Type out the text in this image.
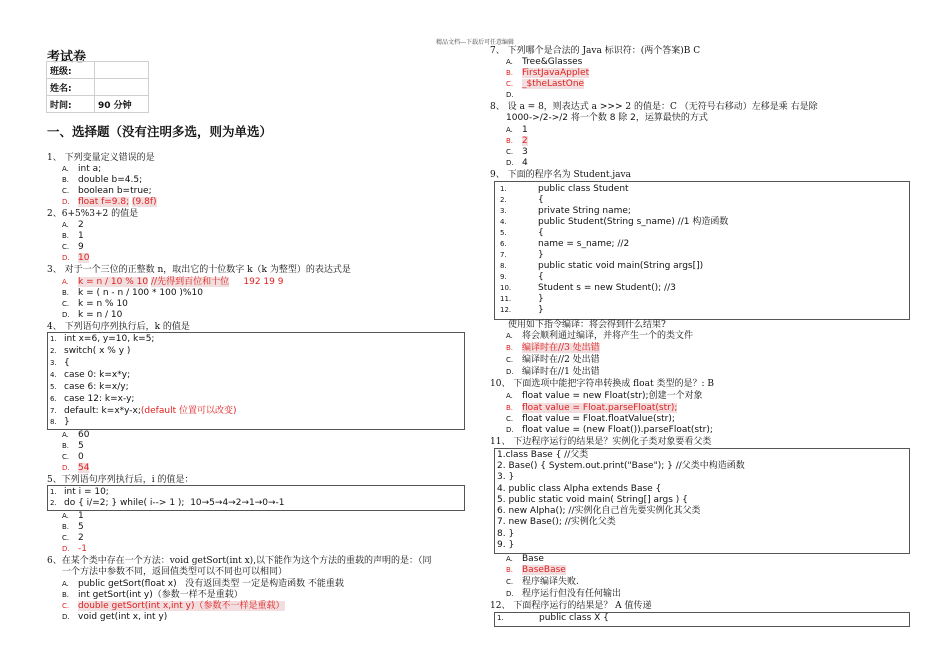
精品文档---下载后可任意编辑
考试卷
班级:	
姓名:	
时间:	90 分钟
一、选择题（没有注明多选，则为单选）
1、 下列变量定义错误的是
A. int a;
B. double b=4.5;
C. boolean b=true;
D. float f=9.8; (9.8f)
2、6+5%3+2 的值是
A. 2
B. 1
C. 9
D. 10
3、 对于一个三位的正整数 n，取出它的十位数字 k（k 为整型）的表达式是
A. k = n / 10 % 10 //先得到百位和十位 192 19 9
B. k = ( n - n / 100 * 100 )%10
C. k = n % 10
D. k = n / 10
4、 下列语句序列执行后，k 的值是
1. int x=6, y=10, k=5;
2. switch( x % y )
3. {
4. case 0: k=x*y;
5. case 6: k=x/y;
6. case 12: k=x-y;
7. default: k=x*y-x;(default 位置可以改变)
8. }
A. 60
B. 5
C. 0
D. 54
5、下列语句序列执行后，i 的值是：
1. int i = 10;
2. do { i/=2; } while( i--> 1 ); 10→5→4→2→1→0→-1
A. 1
B. 5
C. 2
D. -1
6、在某个类中存在一个方法：void getSort(int x),以下能作为这个方法的重载的声明的是：（同
一个方法中参数不同，返回值类型可以不同也可以相同）
A. public getSort(float x) 没有返回类型 一定是构造函数 不能重载
B. int getSort(int y)（参数一样不是重载）
C. double getSort(int x,int y)（参数不一样是重载）
D. void get(int x, int y)
7、 下列哪个是合法的 Java 标识符：(两个答案)B C
A. Tree&Glasses
B. FirstJavaApplet
C. _$theLastOne
D.
8、 设 a = 8，则表达式 a >>> 2 的值是：C （无符号右移动）左移是乘 右是除
1000->/2->/2 将一个数 8 除 2，运算最快的方式
A. 1
B. 2
C. 3
D. 4
9、 下面的程序名为 Student.java
1.	public class Student
2.	{
3.	private String name;
4.	public Student(String s_name) //1 构造函数
5.	{
6.	name = s_name; //2
7.	}
8.	public static void main(String args[])
9.	{
10.	Student s = new Student(); //3
11.	}
12.	}
使用如下指令编译：将会得到什么结果?
A. 将会顺利通过编译，并将产生一个的类文件
B. 编译时在//3 处出错
C. 编译时在//2 处出错
D. 编译时在//1 处出错
10、 下面选项中能把字符串转换成 float 类型的是？: B
A. float value = new Float(str);创建一个对象
B. float value = Float.parseFloat(str);
C. float value = Float.floatValue(str);
D. float value = (new Float()).parseFloat(str);
11、 下边程序运行的结果是？实例化子类对象要看父类
1.class Base { //父类
2. Base() { System.out.print("Base"); } //父类中构造函数
3. }
4. public class Alpha extends Base {
5. public static void main( String[] args ) {
6. new Alpha(); //实例化自己首先要实例化其父类
7. new Base(); //实例化父类
8. }
9. }
A. Base
B. BaseBase
C. 程序编译失败.
D. 程序运行但没有任何输出
12、 下面程序运行的结果是？ A 值传递
1.	public class X {
